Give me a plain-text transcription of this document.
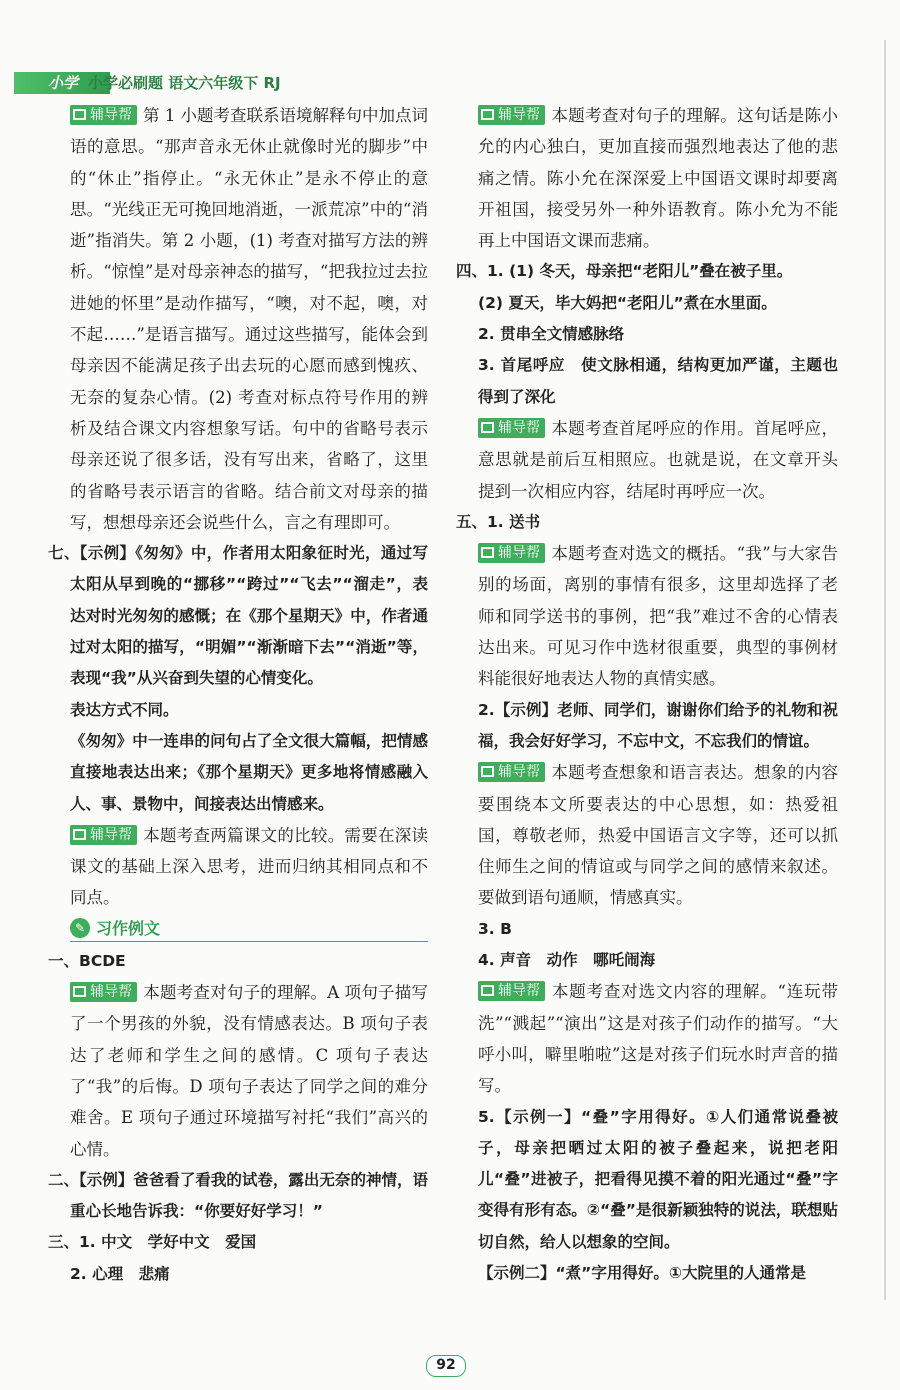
小学 小学必刷题 语文六年级下 RJ
辅导帮 第 1 小题考查联系语境解释句中加点词语的意思。“那声音永无休止就像时光的脚步”中的“休止”指停止。“永无休止”是永不停止的意思。“光线正无可挽回地消逝，一派荒凉”中的“消逝”指消失。第 2 小题，(1) 考查对描写方法的辨析。“惊惶”是对母亲神态的描写，“把我拉过去拉进她的怀里”是动作描写，“噢，对不起，噢，对不起……”是语言描写。通过这些描写，能体会到母亲因不能满足孩子出去玩的心愿而感到愧疚、无奈的复杂心情。(2) 考查对标点符号作用的辨析及结合课文内容想象写话。句中的省略号表示母亲还说了很多话，没有写出来，省略了，这里的省略号表示语言的省略。结合前文对母亲的描写，想想母亲还会说些什么，言之有理即可。
七、【示例】《匆匆》中，作者用太阳象征时光，通过写太阳从早到晚的“挪移”“跨过”“飞去”“溜走”，表达对时光匆匆的感慨；在《那个星期天》中，作者通过对太阳的描写，“明媚”“渐渐暗下去”“消逝”等，表现“我”从兴奋到失望的心情变化。
表达方式不同。
《匆匆》中一连串的问句占了全文很大篇幅，把情感直接地表达出来；《那个星期天》更多地将情感融入人、事、景物中，间接表达出情感来。
辅导帮 本题考查两篇课文的比较。需要在深读课文的基础上深入思考，进而归纳其相同点和不同点。
✎ 习作例文
一、BCDE
辅导帮 本题考查对句子的理解。A 项句子描写了一个男孩的外貌，没有情感表达。B 项句子表达了老师和学生之间的感情。C 项句子表达了“我”的后悔。D 项句子表达了同学之间的难分难舍。E 项句子通过环境描写衬托“我们”高兴的心情。
二、【示例】爸爸看了看我的试卷，露出无奈的神情，语重心长地告诉我：“你要好好学习！”
三、1. 中文　学好中文　爱国
2. 心理　悲痛
辅导帮 本题考查对句子的理解。这句话是陈小允的内心独白，更加直接而强烈地表达了他的悲痛之情。陈小允在深深爱上中国语文课时却要离开祖国，接受另外一种外语教育。陈小允为不能再上中国语文课而悲痛。
四、1. (1) 冬天，母亲把“老阳儿”叠在被子里。
(2) 夏天，毕大妈把“老阳儿”煮在水里面。
2. 贯串全文情感脉络
3. 首尾呼应　使文脉相通，结构更加严谨，主题也得到了深化
辅导帮 本题考查首尾呼应的作用。首尾呼应，意思就是前后互相照应。也就是说，在文章开头提到一次相应内容，结尾时再呼应一次。
五、1. 送书
辅导帮 本题考查对选文的概括。“我”与大家告别的场面，离别的事情有很多，这里却选择了老师和同学送书的事例，把“我”难过不舍的心情表达出来。可见习作中选材很重要，典型的事例材料能很好地表达人物的真情实感。
2.【示例】老师、同学们，谢谢你们给予的礼物和祝福，我会好好学习，不忘中文，不忘我们的情谊。
辅导帮 本题考查想象和语言表达。想象的内容要围绕本文所要表达的中心思想，如：热爱祖国，尊敬老师，热爱中国语言文字等，还可以抓住师生之间的情谊或与同学之间的感情来叙述。要做到语句通顺，情感真实。
3. B
4. 声音　动作　哪吒闹海
辅导帮 本题考查对选文内容的理解。“连玩带洗”“溅起”“演出”这是对孩子们动作的描写。“大呼小叫，噼里啪啦”这是对孩子们玩水时声音的描写。
5.【示例一】“叠”字用得好。①人们通常说叠被子，母亲把晒过太阳的被子叠起来，说把老阳儿“叠”进被子，把看得见摸不着的阳光通过“叠”字变得有形有态。②“叠”是很新颖独特的说法，联想贴切自然，给人以想象的空间。
【示例二】“煮”字用得好。①大院里的人通常是
92
